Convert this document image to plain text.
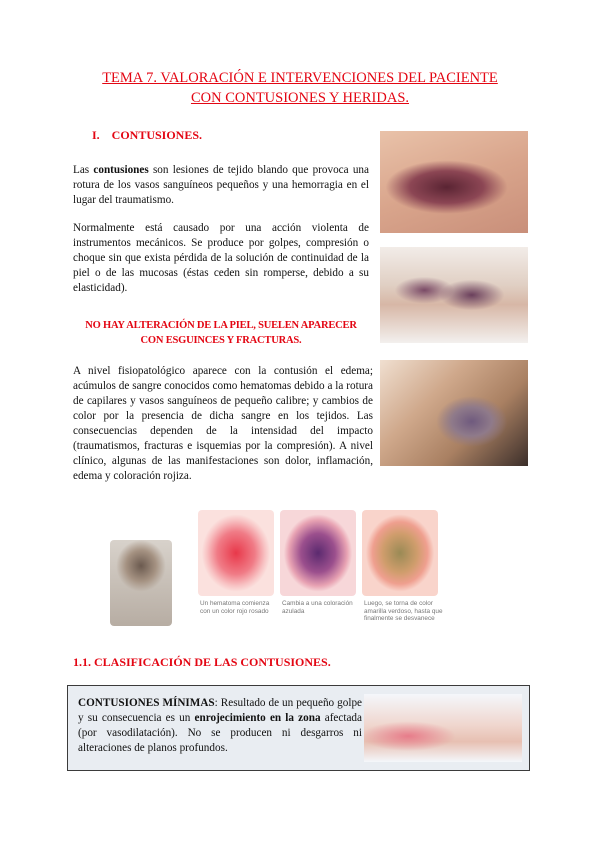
TEMA 7. VALORACIÓN E INTERVENCIONES DEL PACIENTE
CON CONTUSIONES Y HERIDAS.
I. CONTUSIONES.

Las contusiones son lesiones de tejido blando que provoca una rotura de los vasos sanguíneos pequeños y una hemorragia en el lugar del traumatismo.

Normalmente está causado por una acción violenta de instrumentos mecánicos. Se produce por golpes, compresión o choque sin que exista pérdida de la solución de continuidad de la piel o de las mucosas (éstas ceden sin romperse, debido a su elasticidad).

NO HAY ALTERACIÓN DE LA PIEL, SUELEN APARECER
CON ESGUINCES Y FRACTURAS.

A nivel fisiopatológico aparece con la contusión el edema; acúmulos de sangre conocidos como hematomas debido a la rotura de capilares y vasos sanguíneos de pequeño calibre; y cambios de color por la presencia de dicha sangre en los tejidos. Las consecuencias dependen de la intensidad del impacto (traumatismos, fracturas e isquemias por la compresión). A nivel clínico, algunas de las manifestaciones son dolor, inflamación, edema y coloración rojiza.

Un hematoma comienza con un color rojo rosado
Cambia a una coloración azulada
Luego, se torna de color amarilla verdoso, hasta que finalmente se desvanece
1.1. CLASIFICACIÓN DE LAS CONTUSIONES.

CONTUSIONES MÍNIMAS: Resultado de un pequeño golpe y su consecuencia es un enrojecimiento en la zona afectada (por vasodilatación). No se producen ni desgarros ni alteraciones de planos profundos.
